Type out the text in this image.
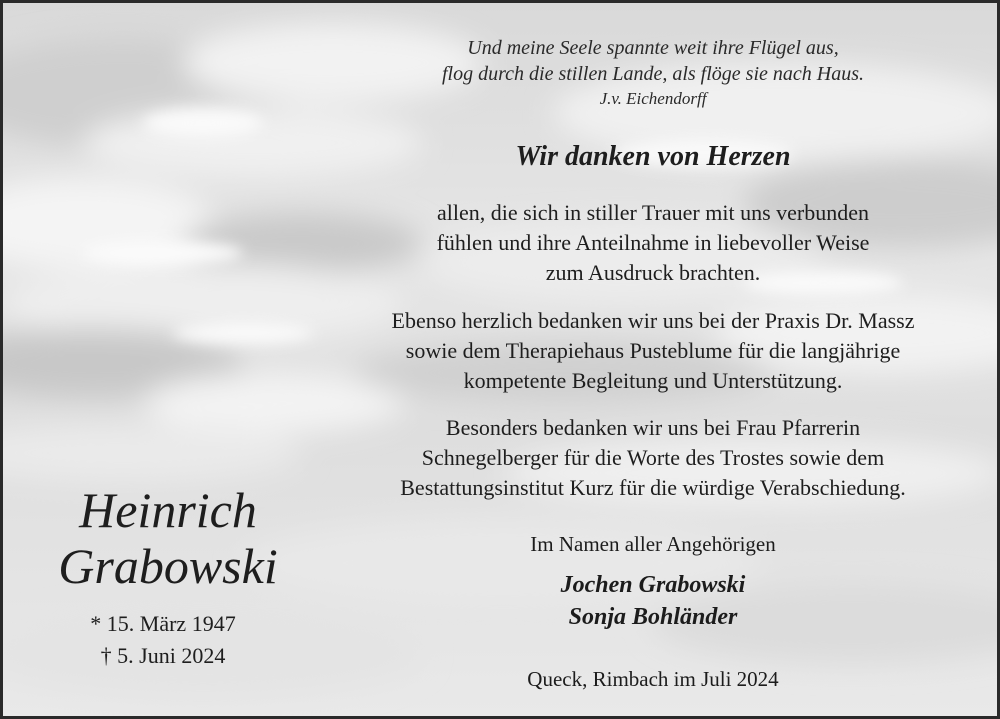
Und meine Seele spannte weit ihre Flügel aus,
flog durch die stillen Lande, als flöge sie nach Haus.
J.v. Eichendorff
Wir danken von Herzen
allen, die sich in stiller Trauer mit uns verbunden
fühlen und ihre Anteilnahme in liebevoller Weise
zum Ausdruck brachten.
Ebenso herzlich bedanken wir uns bei der Praxis Dr. Massz
sowie dem Therapiehaus Pusteblume für die langjährige
kompetente Begleitung und Unterstützung.
Besonders bedanken wir uns bei Frau Pfarrerin
Schnegelberger für die Worte des Trostes sowie dem
Bestattungsinstitut Kurz für die würdige Verabschiedung.
Im Namen aller Angehörigen
Jochen Grabowski
Sonja Bohländer
Queck, Rimbach im Juli 2024
Heinrich
Grabowski
* 15. März 1947
† 5. Juni 2024
